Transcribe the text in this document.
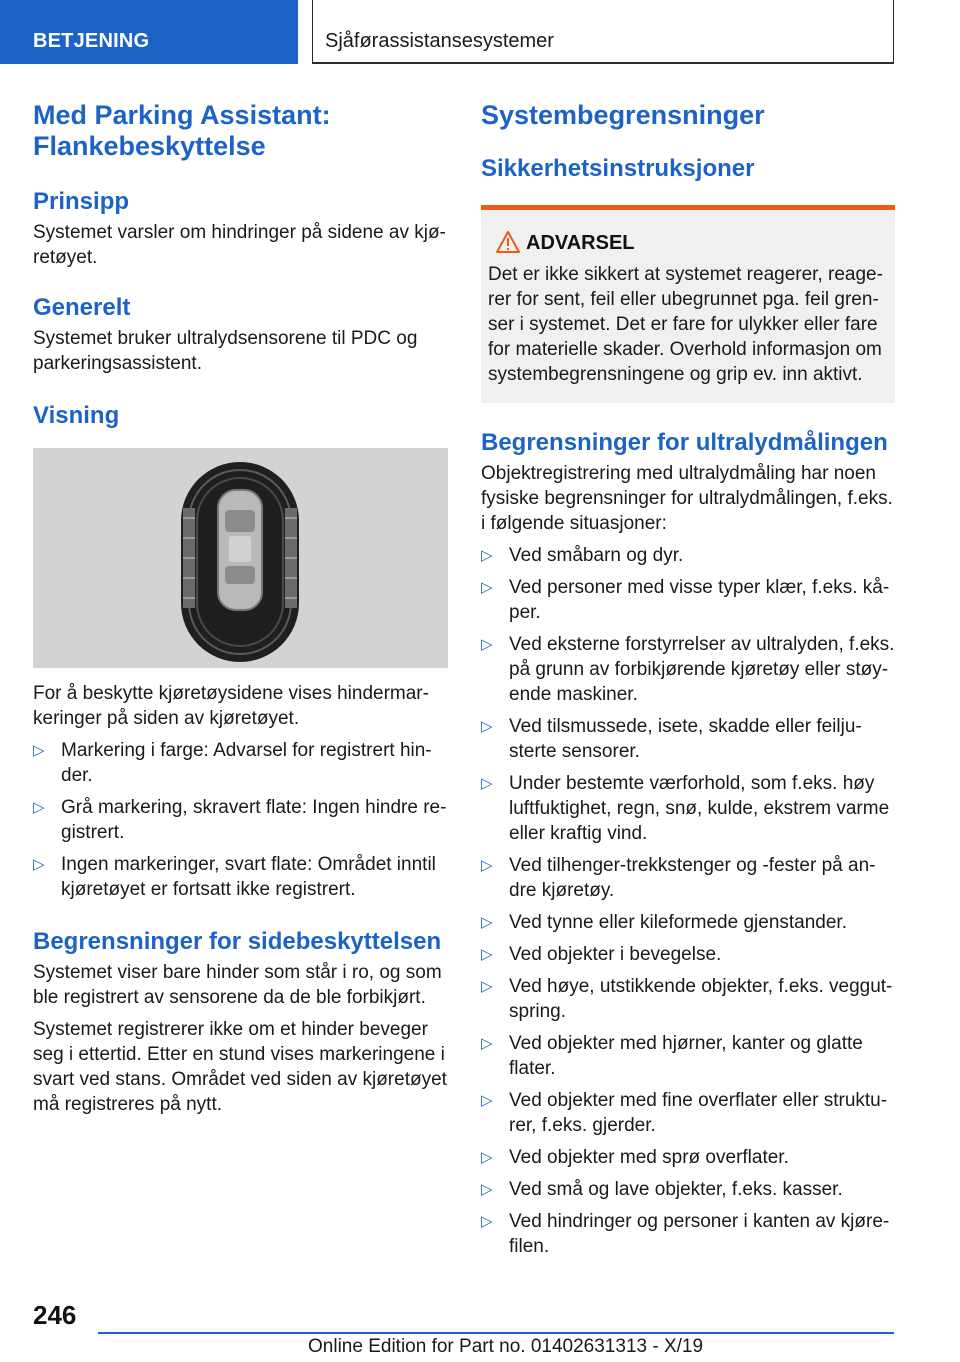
BETJENING	Sjåførassistansesystemer
Med Parking Assistant: Flankebeskyttelse
Prinsipp

Systemet varsler om hindringer på sidene av kjø-retøyet.

Generelt

Systemet bruker ultralydsensorene til PDC og parkeringsassistent.

Visning

For å beskytte kjøretøysidene vises hindermar-keringer på siden av kjøretøyet.

▷ Markering i farge: Advarsel for registrert hin-der.
▷ Grå markering, skravert flate: Ingen hindre re-gistrert.
▷ Ingen markeringer, svart flate: Området inntil kjøretøyet er fortsatt ikke registrert.
Begrensninger for sidebeskyttelsen

Systemet viser bare hinder som står i ro, og som ble registrert av sensorene da de ble forbikjørt.

Systemet registrerer ikke om et hinder beveger seg i ettertid. Etter en stund vises markeringene i svart ved stans. Området ved siden av kjøretøyet må registreres på nytt.

Systembegrensninger
Sikkerhetsinstruksjoner
ADVARSEL

Det er ikke sikkert at systemet reagerer, reage-rer for sent, feil eller ubegrunnet pga. feil gren-ser i systemet. Det er fare for ulykker eller fare for materielle skader. Overhold informasjon om systembegrensningene og grip ev. inn aktivt.

Begrensninger for ultralydmålingen

Objektregistrering med ultralydmåling har noen fysiske begrensninger for ultralydmålingen, f.eks. i følgende situasjoner:

▷ Ved småbarn og dyr.
▷ Ved personer med visse typer klær, f.eks. kå-per.
▷ Ved eksterne forstyrrelser av ultralyden, f.eks. på grunn av forbikjørende kjøretøy eller støy-ende maskiner.
▷ Ved tilsmussede, isete, skadde eller feilju-sterte sensorer.
▷ Under bestemte værforhold, som f.eks. høy luftfuktighet, regn, snø, kulde, ekstrem varme eller kraftig vind.
▷ Ved tilhenger-trekkstenger og -fester på an-dre kjøretøy.
▷ Ved tynne eller kileformede gjenstander.
▷ Ved objekter i bevegelse.
▷ Ved høye, utstikkende objekter, f.eks. veggut-spring.
▷ Ved objekter med hjørner, kanter og glatte flater.
▷ Ved objekter med fine overflater eller struktu-rer, f.eks. gjerder.
▷ Ved objekter med sprø overflater.
▷ Ved små og lave objekter, f.eks. kasser.
▷ Ved hindringer og personer i kanten av kjøre-filen.
246
Online Edition for Part no. 01402631313 - X/19
